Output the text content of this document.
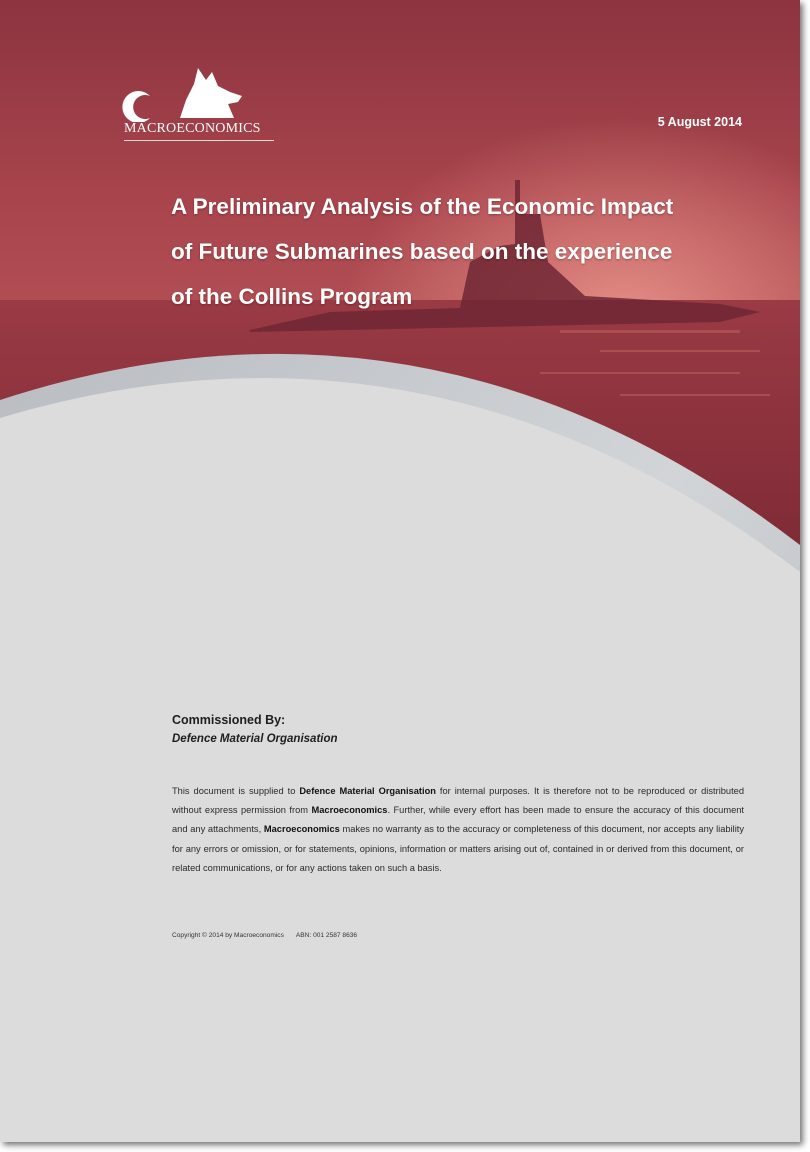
MACROECONOMICS	5 August 2014
A Preliminary Analysis of the Economic Impact
of Future Submarines based on the experience
of the Collins Program
Commissioned By:
Defence Material Organisation
This document is supplied to Defence Material Organisation for internal purposes. It is therefore not to be reproduced or distributed without express permission from Macroeconomics. Further, while every effort has been made to ensure the accuracy of this document and any attachments, Macroeconomics makes no warranty as to the accuracy or completeness of this document, nor accepts any liability for any errors or omission, or for statements, opinions, information or matters arising out of, contained in or derived from this document, or related communications, or for any actions taken on such a basis.
Copyright © 2014 by Macroeconomics ABN: 001 2587 8636
